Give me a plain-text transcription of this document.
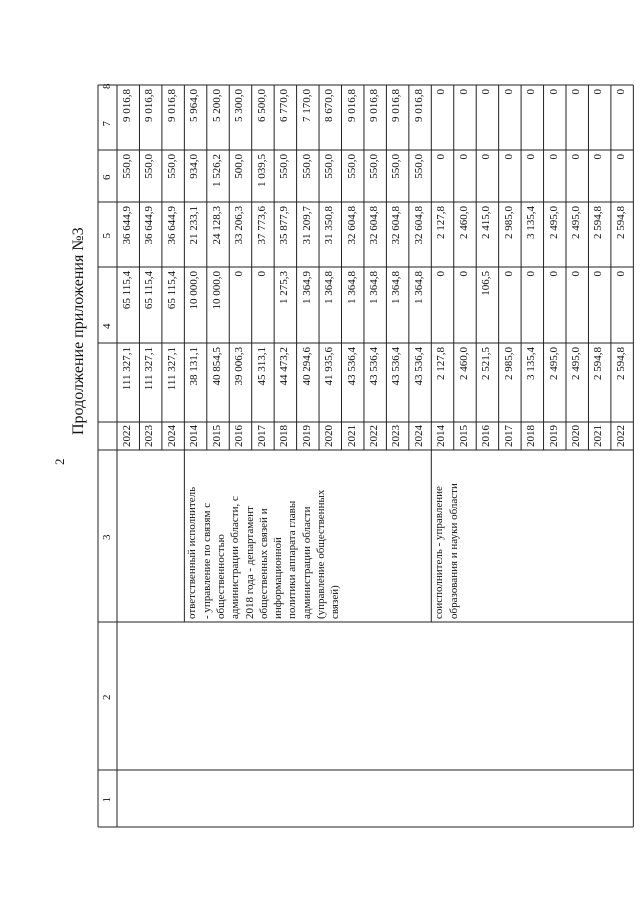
2
Продолжение приложения №3
1
2
3
4
5
6
7
8
2022
111 327,1
65 115,4
36 644,9
550,0
9 016,8
2023
111 327,1
65 115,4
36 644,9
550,0
9 016,8
2024
111 327,1
65 115,4
36 644,9
550,0
9 016,8
ответственный исполнитель - управление по связям с общественностью администрации области, с 2018 года - департамент общественных связей и информационной политики аппарата главы администрации области (управление общественных связей)
2014
38 131,1
10 000,0
21 233,1
934,0
5 964,0
2015
40 854,5
10 000,0
24 128,3
1 526,2
5 200,0
2016
39 006,3
0
33 206,3
500,0
5 300,0
2017
45 313,1
0
37 773,6
1 039,5
6 500,0
2018
44 473,2
1 275,3
35 877,9
550,0
6 770,0
2019
40 294,6
1 364,9
31 209,7
550,0
7 170,0
2020
41 935,6
1 364,8
31 350,8
550,0
8 670,0
2021
43 536,4
1 364,8
32 604,8
550,0
9 016,8
2022
43 536,4
1 364,8
32 604,8
550,0
9 016,8
2023
43 536,4
1 364,8
32 604,8
550,0
9 016,8
2024
43 536,4
1 364,8
32 604,8
550,0
9 016,8
соисполнитель - управление образования и науки области
2014
2 127,8
0
2 127,8
0
0
2015
2 460,0
0
2 460,0
0
0
2016
2 521,5
106,5
2 415,0
0
0
2017
2 985,0
0
2 985,0
0
0
2018
3 135,4
0
3 135,4
0
0
2019
2 495,0
0
2 495,0
0
0
2020
2 495,0
0
2 495,0
0
0
2021
2 594,8
0
2 594,8
0
0
2022
2 594,8
0
2 594,8
0
0
